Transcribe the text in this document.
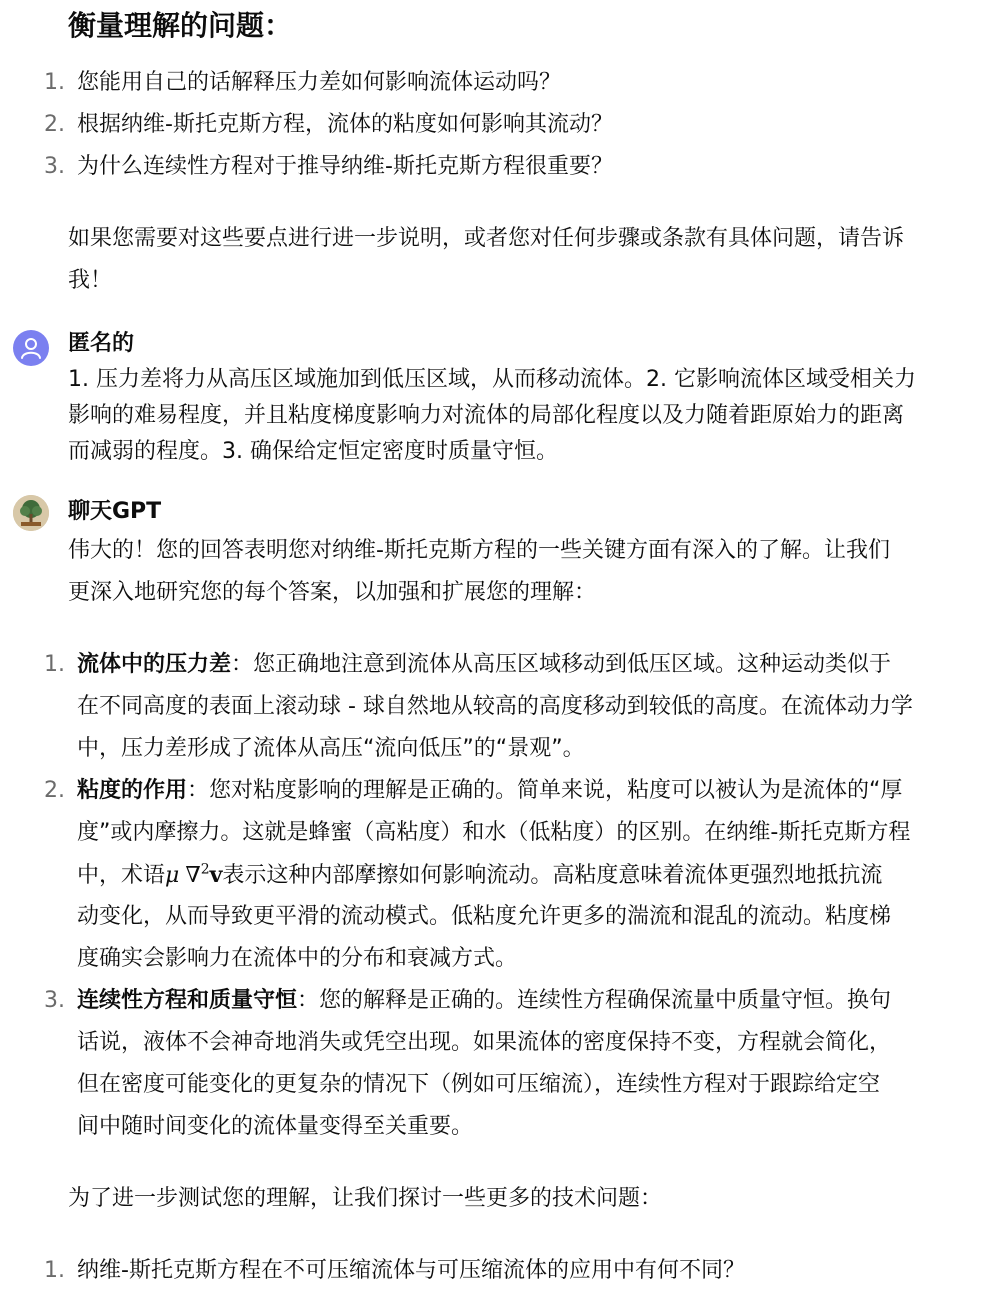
衡量理解的问题：
1. 您能用自己的话解释压力差如何影响流体运动吗？
2. 根据纳维-斯托克斯方程，流体的粘度如何影响其流动？
3. 为什么连续性方程对于推导纳维-斯托克斯方程很重要？
如果您需要对这些要点进行进一步说明，或者您对任何步骤或条款有具体问题，请告诉
我！
匿名的
1. 压力差将力从高压区域施加到低压区域，从而移动流体。2. 它影响流体区域受相关力
影响的难易程度，并且粘度梯度影响力对流体的局部化程度以及力随着距原始力的距离
而减弱的程度。3. 确保给定恒定密度时质量守恒。
聊天GPT
伟大的！您的回答表明您对纳维-斯托克斯方程的一些关键方面有深入的了解。让我们
更深入地研究您的每个答案，以加强和扩展您的理解：
1. 流体中的压力差：您正确地注意到流体从高压区域移动到低压区域。这种运动类似于
在不同高度的表面上滚动球 - 球自然地从较高的高度移动到较低的高度。在流体动力学
中，压力差形成了流体从高压“流向低压”的“景观”。
2. 粘度的作用：您对粘度影响的理解是正确的。简单来说，粘度可以被认为是流体的“厚
度”或内摩擦力。这就是蜂蜜（高粘度）和水（低粘度）的区别。在纳维-斯托克斯方程
中，术语μ ∇$^2$v表示这种内部摩擦如何影响流动。高粘度意味着流体更强烈地抵抗流
动变化，从而导致更平滑的流动模式。低粘度允许更多的湍流和混乱的流动。粘度梯
度确实会影响力在流体中的分布和衰减方式。
3. 连续性方程和质量守恒：您的解释是正确的。连续性方程确保流量中质量守恒。换句
话说，液体不会神奇地消失或凭空出现。如果流体的密度保持不变，方程就会简化，
但在密度可能变化的更复杂的情况下（例如可压缩流），连续性方程对于跟踪给定空
间中随时间变化的流体量变得至关重要。
为了进一步测试您的理解，让我们探讨一些更多的技术问题：
1. 纳维-斯托克斯方程在不可压缩流体与可压缩流体的应用中有何不同？
